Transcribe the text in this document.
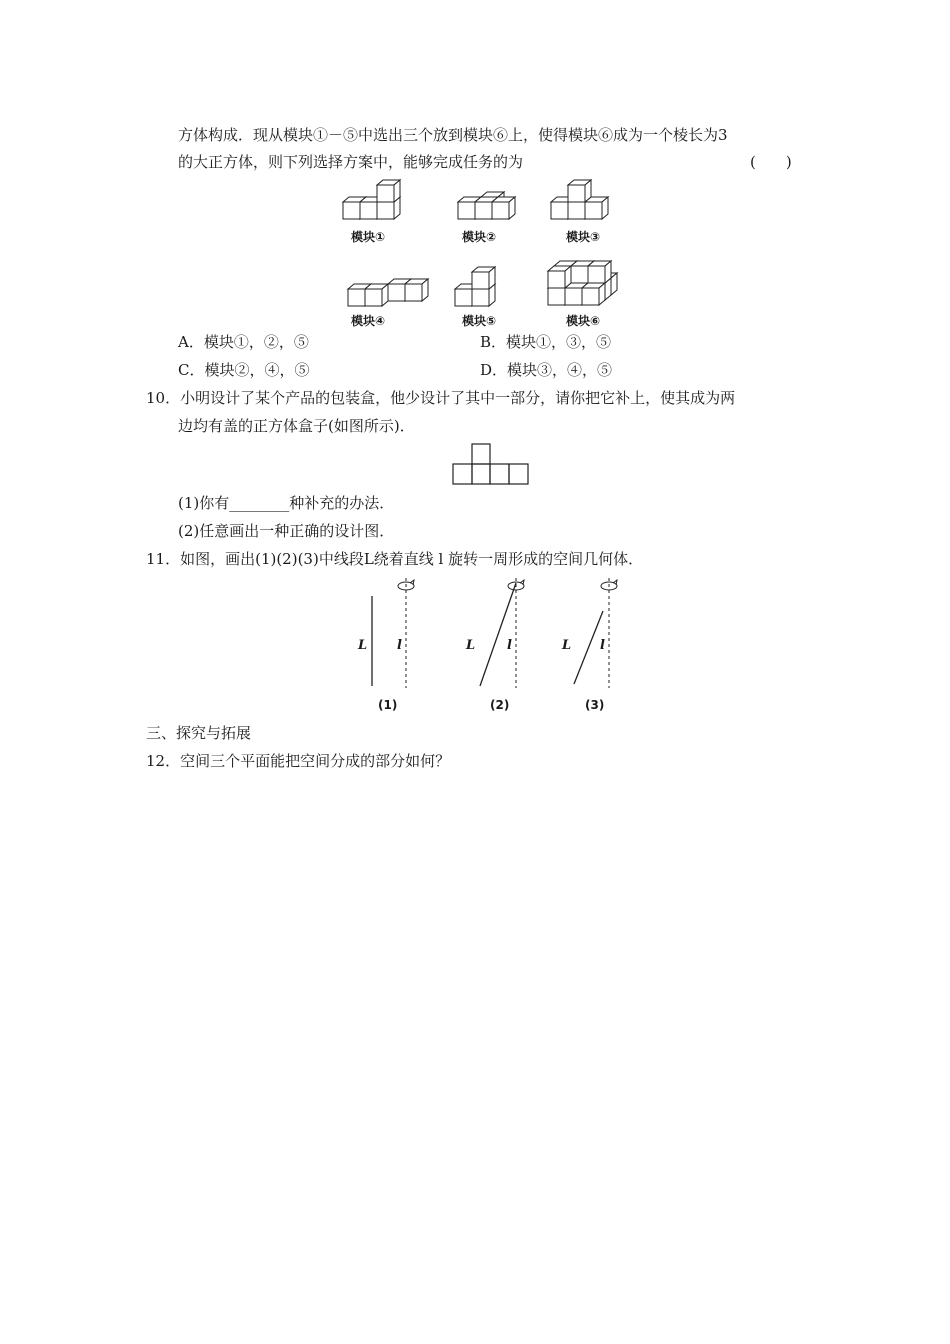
方体构成．现从模块①－⑤中选出三个放到模块⑥上，使得模块⑥成为一个棱长为3
的大正方体，则下列选择方案中，能够完成任务的为	(　　)
模块①	模块②	模块③
模块④	模块⑤	模块⑥
A．模块①，②，⑤	B．模块①，③，⑤
C．模块②，④，⑤	D．模块③，④，⑤
10．小明设计了某个产品的包装盒，他少设计了其中一部分，请你把它补上，使其成为两
边均有盖的正方体盒子(如图所示)．
(1)你有________种补充的办法．
(2)任意画出一种正确的设计图．
11．如图，画出(1)(2)(3)中线段L绕着直线 l 旋转一周形成的空间几何体．
L l	L l	L l
(1)	(2)	(3)
三、探究与拓展
12．空间三个平面能把空间分成的部分如何？
